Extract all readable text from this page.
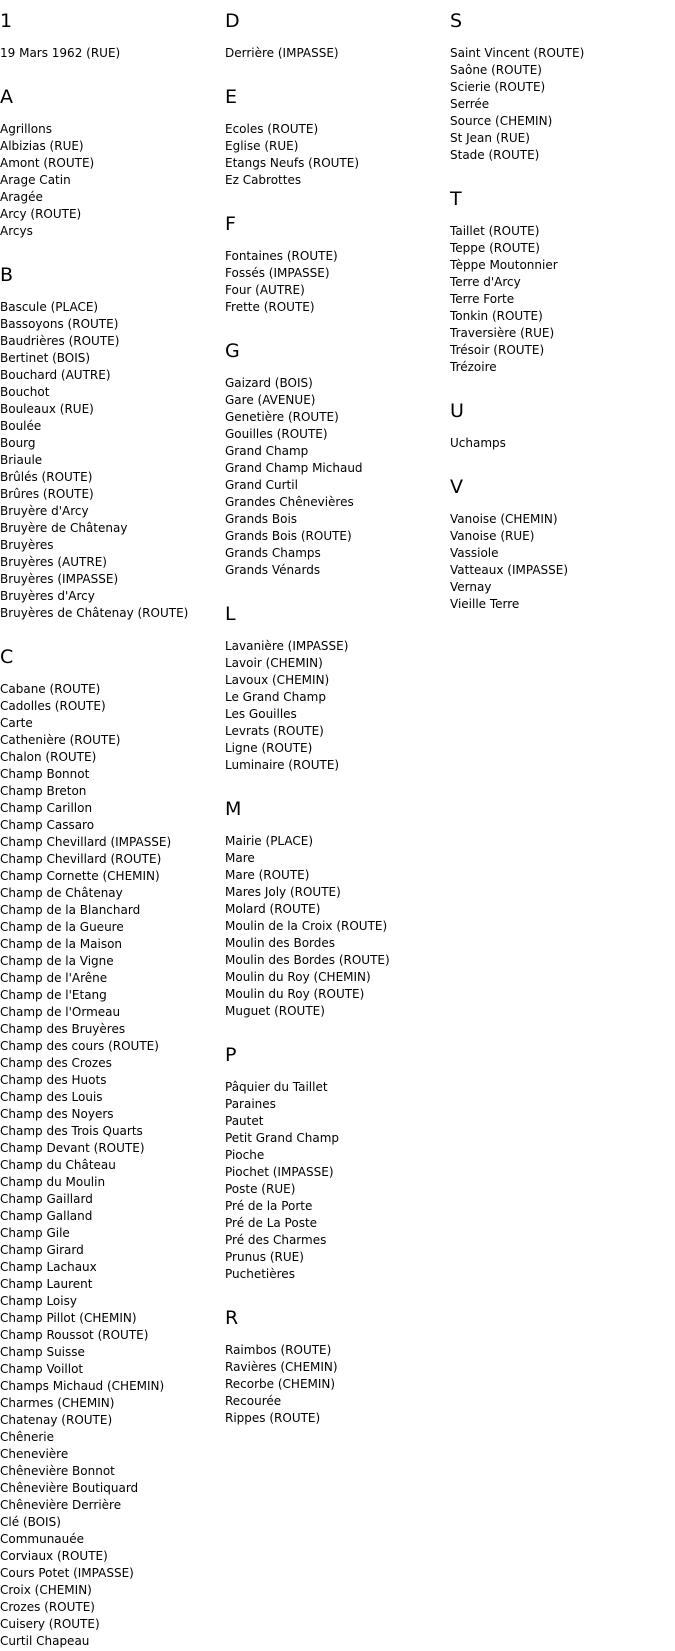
1
19 Mars 1962 (RUE)
A
Agrillons
Albizias (RUE)
Amont (ROUTE)
Arage Catin
Aragée
Arcy (ROUTE)
Arcys
B
Bascule (PLACE)
Bassoyons (ROUTE)
Baudrières (ROUTE)
Bertinet (BOIS)
Bouchard (AUTRE)
Bouchot
Bouleaux (RUE)
Boulée
Bourg
Briaule
Brûlés (ROUTE)
Brûres (ROUTE)
Bruyère d'Arcy
Bruyère de Châtenay
Bruyères
Bruyères (AUTRE)
Bruyères (IMPASSE)
Bruyères d'Arcy
Bruyères de Châtenay (ROUTE)
C
Cabane (ROUTE)
Cadolles (ROUTE)
Carte
Cathenière (ROUTE)
Chalon (ROUTE)
Champ Bonnot
Champ Breton
Champ Carillon
Champ Cassaro
Champ Chevillard (IMPASSE)
Champ Chevillard (ROUTE)
Champ Cornette (CHEMIN)
Champ de Châtenay
Champ de la Blanchard
Champ de la Gueure
Champ de la Maison
Champ de la Vigne
Champ de l'Arêne
Champ de l'Etang
Champ de l'Ormeau
Champ des Bruyères
Champ des cours (ROUTE)
Champ des Crozes
Champ des Huots
Champ des Louis
Champ des Noyers
Champ des Trois Quarts
Champ Devant (ROUTE)
Champ du Château
Champ du Moulin
Champ Gaillard
Champ Galland
Champ Gile
Champ Girard
Champ Lachaux
Champ Laurent
Champ Loisy
Champ Pillot (CHEMIN)
Champ Roussot (ROUTE)
Champ Suisse
Champ Voillot
Champs Michaud (CHEMIN)
Charmes (CHEMIN)
Chatenay (ROUTE)
Chênerie
Chenevière
Chênevière Bonnot
Chênevière Boutiquard
Chênevière Derrière
Clé (BOIS)
Communauée
Corviaux (ROUTE)
Cours Potet (IMPASSE)
Croix (CHEMIN)
Crozes (ROUTE)
Cuisery (ROUTE)
Curtil Chapeau
D
Derrière (IMPASSE)
E
Ecoles (ROUTE)
Eglise (RUE)
Etangs Neufs (ROUTE)
Ez Cabrottes
F
Fontaines (ROUTE)
Fossés (IMPASSE)
Four (AUTRE)
Frette (ROUTE)
G
Gaizard (BOIS)
Gare (AVENUE)
Genetière (ROUTE)
Gouilles (ROUTE)
Grand Champ
Grand Champ Michaud
Grand Curtil
Grandes Chênevières
Grands Bois
Grands Bois (ROUTE)
Grands Champs
Grands Vénards
L
Lavanière (IMPASSE)
Lavoir (CHEMIN)
Lavoux (CHEMIN)
Le Grand Champ
Les Gouilles
Levrats (ROUTE)
Ligne (ROUTE)
Luminaire (ROUTE)
M
Mairie (PLACE)
Mare
Mare (ROUTE)
Mares Joly (ROUTE)
Molard (ROUTE)
Moulin de la Croix (ROUTE)
Moulin des Bordes
Moulin des Bordes (ROUTE)
Moulin du Roy (CHEMIN)
Moulin du Roy (ROUTE)
Muguet (ROUTE)
P
Pâquier du Taillet
Paraines
Pautet
Petit Grand Champ
Pioche
Piochet (IMPASSE)
Poste (RUE)
Pré de la Porte
Pré de La Poste
Pré des Charmes
Prunus (RUE)
Puchetières
R
Raimbos (ROUTE)
Ravières (CHEMIN)
Recorbe (CHEMIN)
Recourée
Rippes (ROUTE)
S
Saint Vincent (ROUTE)
Saône (ROUTE)
Scierie (ROUTE)
Serrée
Source (CHEMIN)
St Jean (RUE)
Stade (ROUTE)
T
Taillet (ROUTE)
Teppe (ROUTE)
Tèppe Moutonnier
Terre d'Arcy
Terre Forte
Tonkin (ROUTE)
Traversière (RUE)
Trésoir (ROUTE)
Trézoire
U
Uchamps
V
Vanoise (CHEMIN)
Vanoise (RUE)
Vassiole
Vatteaux (IMPASSE)
Vernay
Vieille Terre
